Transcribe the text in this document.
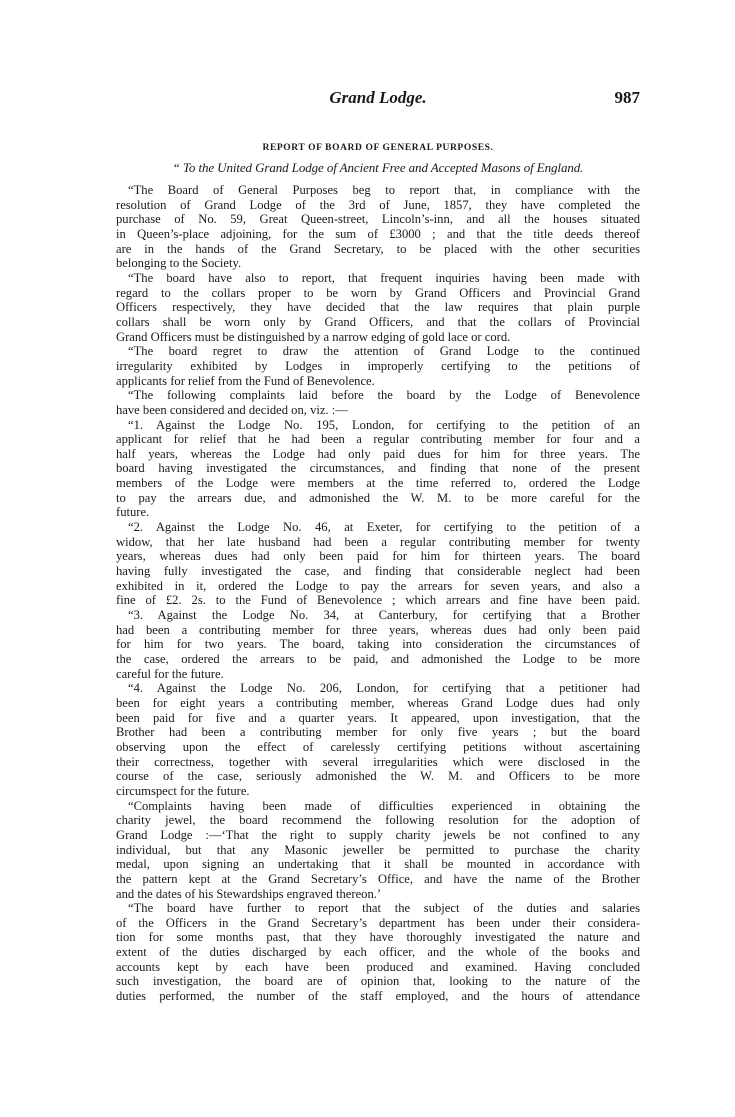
Grand Lodge.	987
REPORT OF BOARD OF GENERAL PURPOSES.
“ To the United Grand Lodge of Ancient Free and Accepted Masons of England.
“The Board of General Purposes beg to report that, in compliance with the
resolution of Grand Lodge of the 3rd of June, 1857, they have completed the
purchase of No. 59, Great Queen-street, Lincoln’s-inn, and all the houses situated
in Queen’s-place adjoining, for the sum of £3000 ; and that the title deeds thereof
are in the hands of the Grand Secretary, to be placed with the other securities
belonging to the Society.
“The board have also to report, that frequent inquiries having been made with
regard to the collars proper to be worn by Grand Officers and Provincial Grand
Officers respectively, they have decided that the law requires that plain purple
collars shall be worn only by Grand Officers, and that the collars of Provincial
Grand Officers must be distinguished by a narrow edging of gold lace or cord.
“The board regret to draw the attention of Grand Lodge to the continued
irregularity exhibited by Lodges in improperly certifying to the petitions of
applicants for relief from the Fund of Benevolence.
“The following complaints laid before the board by the Lodge of Benevolence
have been considered and decided on, viz. :—
“1. Against the Lodge No. 195, London, for certifying to the petition of an
applicant for relief that he had been a regular contributing member for four and a
half years, whereas the Lodge had only paid dues for him for three years. The
board having investigated the circumstances, and finding that none of the present
members of the Lodge were members at the time referred to, ordered the Lodge
to pay the arrears due, and admonished the W. M. to be more careful for the
future.
“2. Against the Lodge No. 46, at Exeter, for certifying to the petition of a
widow, that her late husband had been a regular contributing member for twenty
years, whereas dues had only been paid for him for thirteen years. The board
having fully investigated the case, and finding that considerable neglect had been
exhibited in it, ordered the Lodge to pay the arrears for seven years, and also a
fine of £2. 2s. to the Fund of Benevolence ; which arrears and fine have been paid.
“3. Against the Lodge No. 34, at Canterbury, for certifying that a Brother
had been a contributing member for three years, whereas dues had only been paid
for him for two years. The board, taking into consideration the circumstances of
the case, ordered the arrears to be paid, and admonished the Lodge to be more
careful for the future.
“4. Against the Lodge No. 206, London, for certifying that a petitioner had
been for eight years a contributing member, whereas Grand Lodge dues had only
been paid for five and a quarter years. It appeared, upon investigation, that the
Brother had been a contributing member for only five years ; but the board
observing upon the effect of carelessly certifying petitions without ascertaining
their correctness, together with several irregularities which were disclosed in the
course of the case, seriously admonished the W. M. and Officers to be more
circumspect for the future.
“Complaints having been made of difficulties experienced in obtaining the
charity jewel, the board recommend the following resolution for the adoption of
Grand Lodge :—‘That the right to supply charity jewels be not confined to any
individual, but that any Masonic jeweller be permitted to purchase the charity
medal, upon signing an undertaking that it shall be mounted in accordance with
the pattern kept at the Grand Secretary’s Office, and have the name of the Brother
and the dates of his Stewardships engraved thereon.’
“The board have further to report that the subject of the duties and salaries
of the Officers in the Grand Secretary’s department has been under their considera-
tion for some months past, that they have thoroughly investigated the nature and
extent of the duties discharged by each officer, and the whole of the books and
accounts kept by each have been produced and examined. Having concluded
such investigation, the board are of opinion that, looking to the nature of the
duties performed, the number of the staff employed, and the hours of attendance
